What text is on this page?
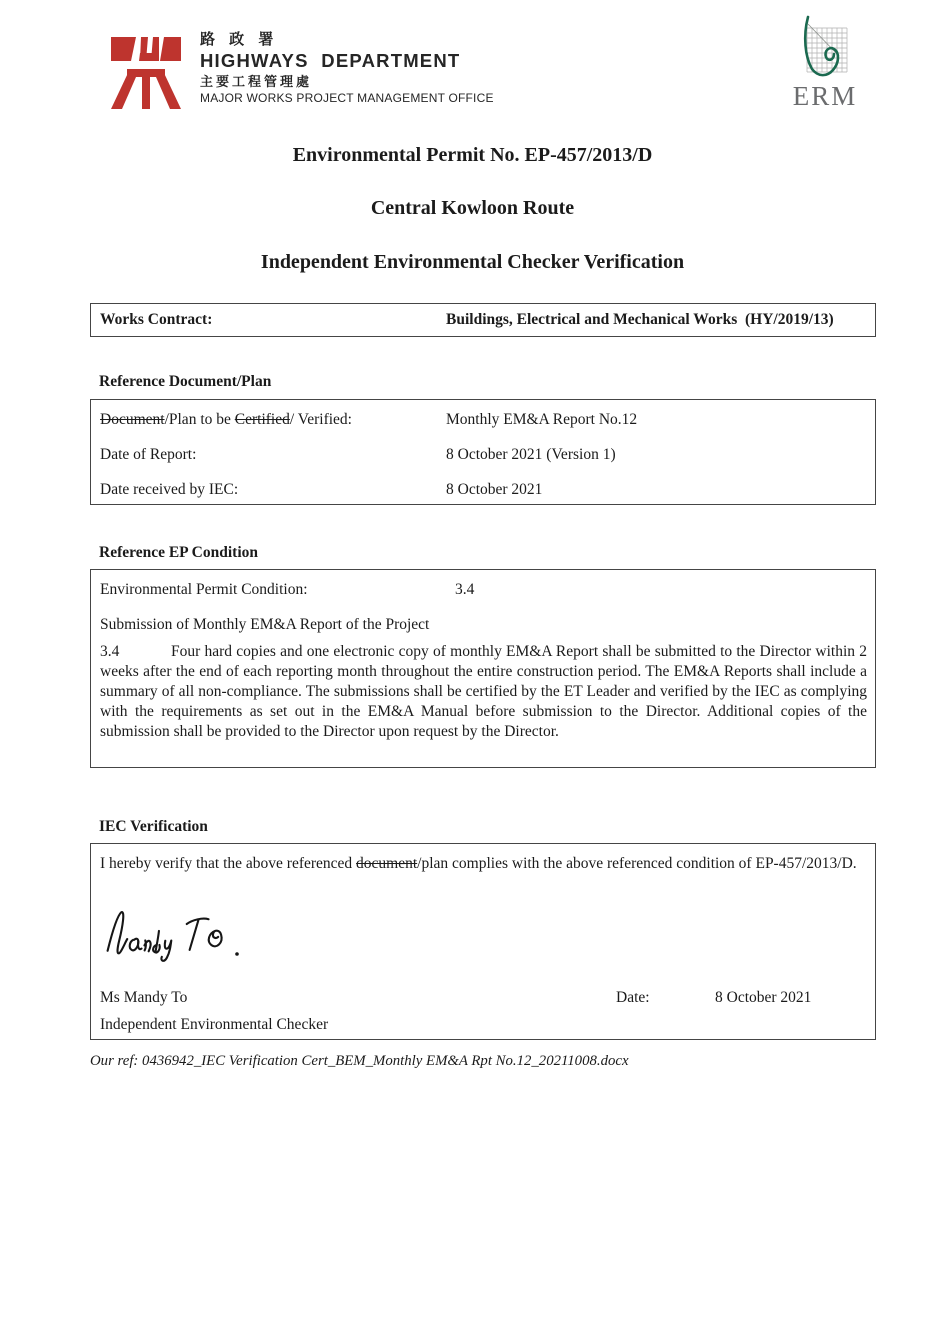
路 政 署
HIGHWAYS  DEPARTMENT
主要工程管理處
MAJOR WORKS PROJECT MANAGEMENT OFFICE	ERM
Environmental Permit No. EP-457/2013/D
Central Kowloon Route
Independent Environmental Checker Verification
Works Contract:	Buildings, Electrical and Mechanical Works  (HY/2019/13)
Reference Document/Plan
Document/Plan to be Certified/ Verified:	Monthly EM&A Report No.12
Date of Report:	8 October 2021 (Version 1)
Date received by IEC:	8 October 2021
Reference EP Condition
Environmental Permit Condition:	3.4
Submission of Monthly EM&A Report of the Project
3.4	Four hard copies and one electronic copy of monthly EM&A Report shall be submitted to the Director within 2 weeks after the end of each reporting month throughout the entire construction period. The EM&A Reports shall include a summary of all non-compliance. The submissions shall be certified by the ET Leader and verified by the IEC as complying with the requirements as set out in the EM&A Manual before submission to the Director. Additional copies of the submission shall be provided to the Director upon request by the Director.
IEC Verification
I hereby verify that the above referenced document/plan complies with the above referenced condition of EP-457/2013/D.
Ms Mandy To	Date:	8 October 2021
Independent Environmental Checker
Our ref: 0436942_IEC Verification Cert_BEM_Monthly EM&A Rpt No.12_20211008.docx
